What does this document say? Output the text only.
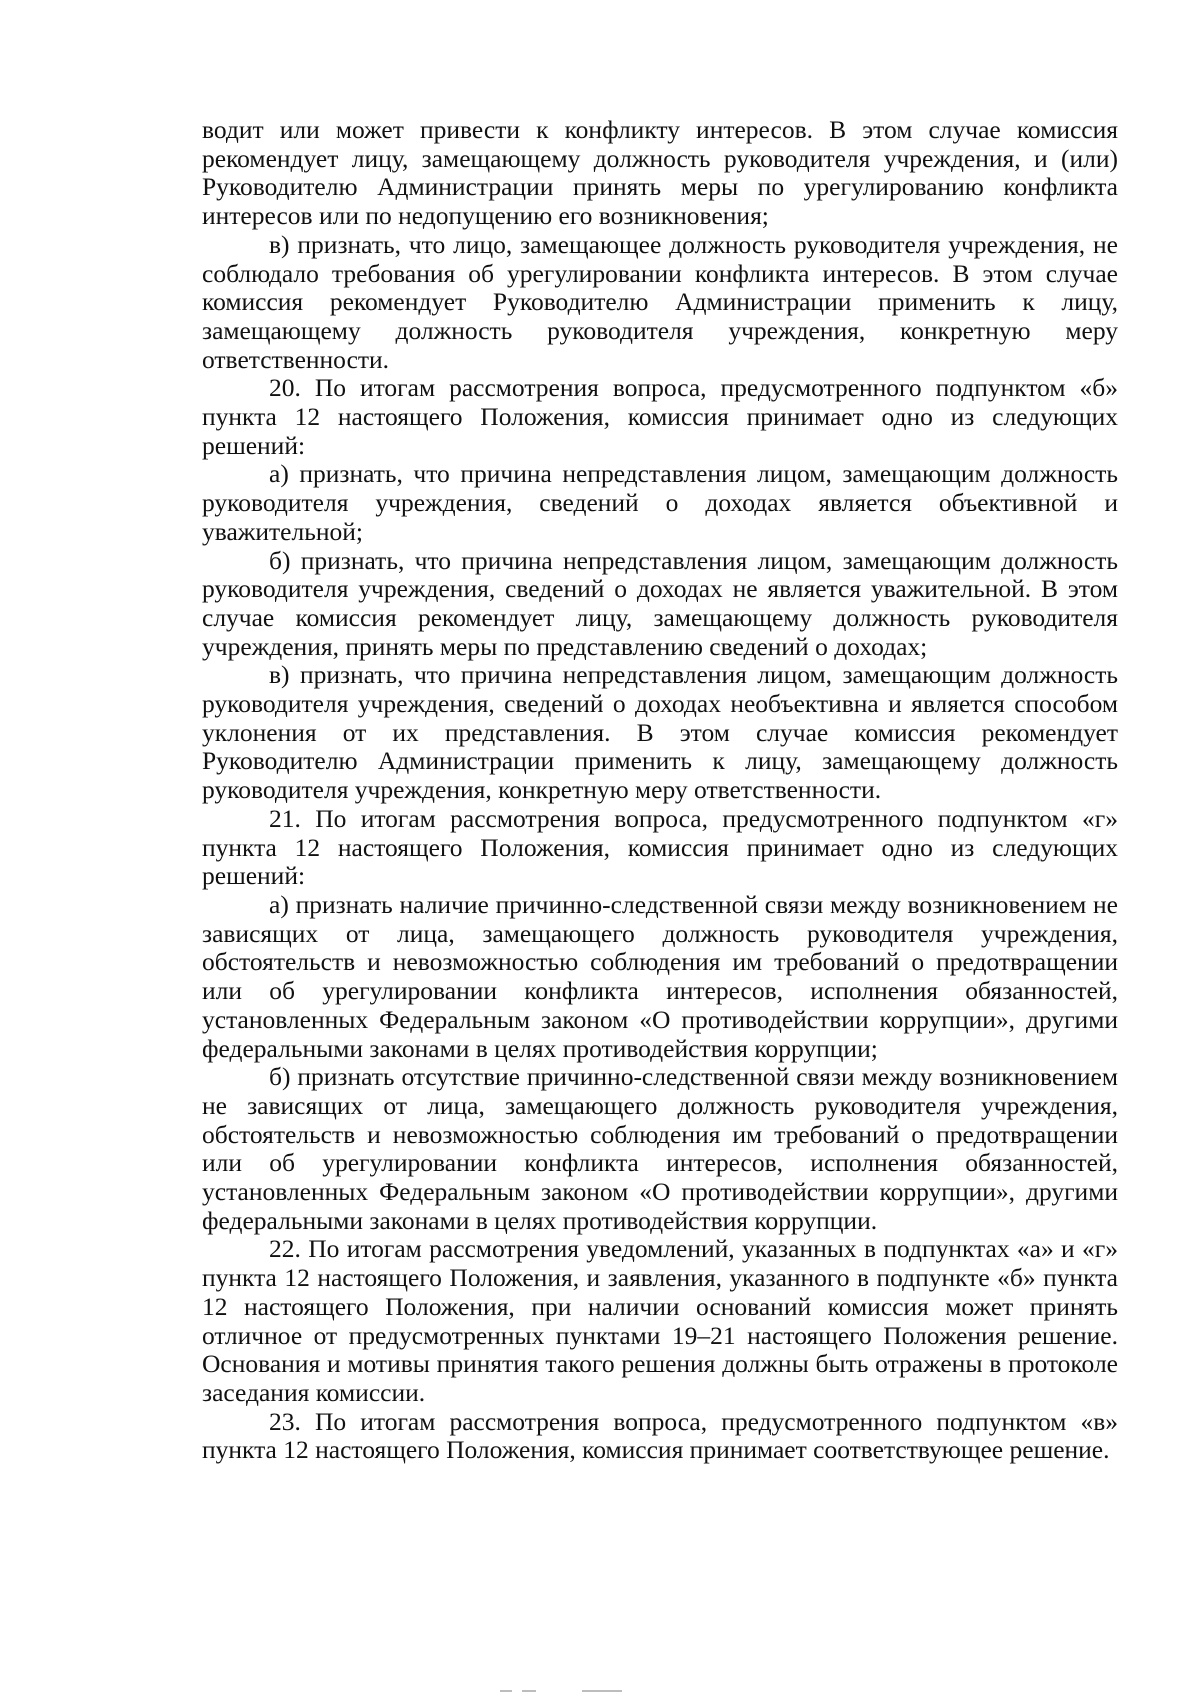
водит или может привести к конфликту интересов. В этом случае комиссия рекомендует лицу, замещающему должность руководителя учреждения, и (или) Руководителю Администрации принять меры по урегулированию конфликта интересов или по недопущению его возникновения;

в) признать, что лицо, замещающее должность руководителя учреждения, не соблюдало требования об урегулировании конфликта интересов. В этом случае комиссия рекомендует Руководителю Администрации применить к лицу, замещающему должность руководителя учреждения, конкретную меру ответственности.

20. По итогам рассмотрения вопроса, предусмотренного подпунктом «б» пункта 12 настоящего Положения, комиссия принимает одно из следующих решений:

а) признать, что причина непредставления лицом, замещающим должность руководителя учреждения, сведений о доходах является объективной и уважительной;

б) признать, что причина непредставления лицом, замещающим должность руководителя учреждения, сведений о доходах не является уважительной. В этом случае комиссия рекомендует лицу, замещающему должность руководителя учреждения, принять меры по представлению сведений о доходах;

в) признать, что причина непредставления лицом, замещающим должность руководителя учреждения, сведений о доходах необъективна и является способом уклонения от их представления. В этом случае комиссия рекомендует Руководителю Администрации применить к лицу, замещающему должность руководителя учреждения, конкретную меру ответственности.

21. По итогам рассмотрения вопроса, предусмотренного подпунктом «г» пункта 12 настоящего Положения, комиссия принимает одно из следующих решений:

а) признать наличие причинно-следственной связи между возникновением не зависящих от лица, замещающего должность руководителя учреждения, обстоятельств и невозможностью соблюдения им требований о предотвращении или об урегулировании конфликта интересов, исполнения обязанностей, установленных Федеральным законом «О противодействии коррупции», другими федеральными законами в целях противодействия коррупции;

б) признать отсутствие причинно-следственной связи между возникновением не зависящих от лица, замещающего должность руководителя учреждения, обстоятельств и невозможностью соблюдения им требований о предотвращении или об урегулировании конфликта интересов, исполнения обязанностей, установленных Федеральным законом «О противодействии коррупции», другими федеральными законами в целях противодействия коррупции.

22. По итогам рассмотрения уведомлений, указанных в подпунктах «а» и «г» пункта 12 настоящего Положения, и заявления, указанного в подпункте «б» пункта 12 настоящего Положения, при наличии оснований комиссия может принять отличное от предусмотренных пунктами 19–21 настоящего Положения решение. Основания и мотивы принятия такого решения должны быть отражены в протоколе заседания комиссии.

23. По итогам рассмотрения вопроса, предусмотренного подпунктом «в» пункта 12 настоящего Положения, комиссия принимает соответствующее решение.
